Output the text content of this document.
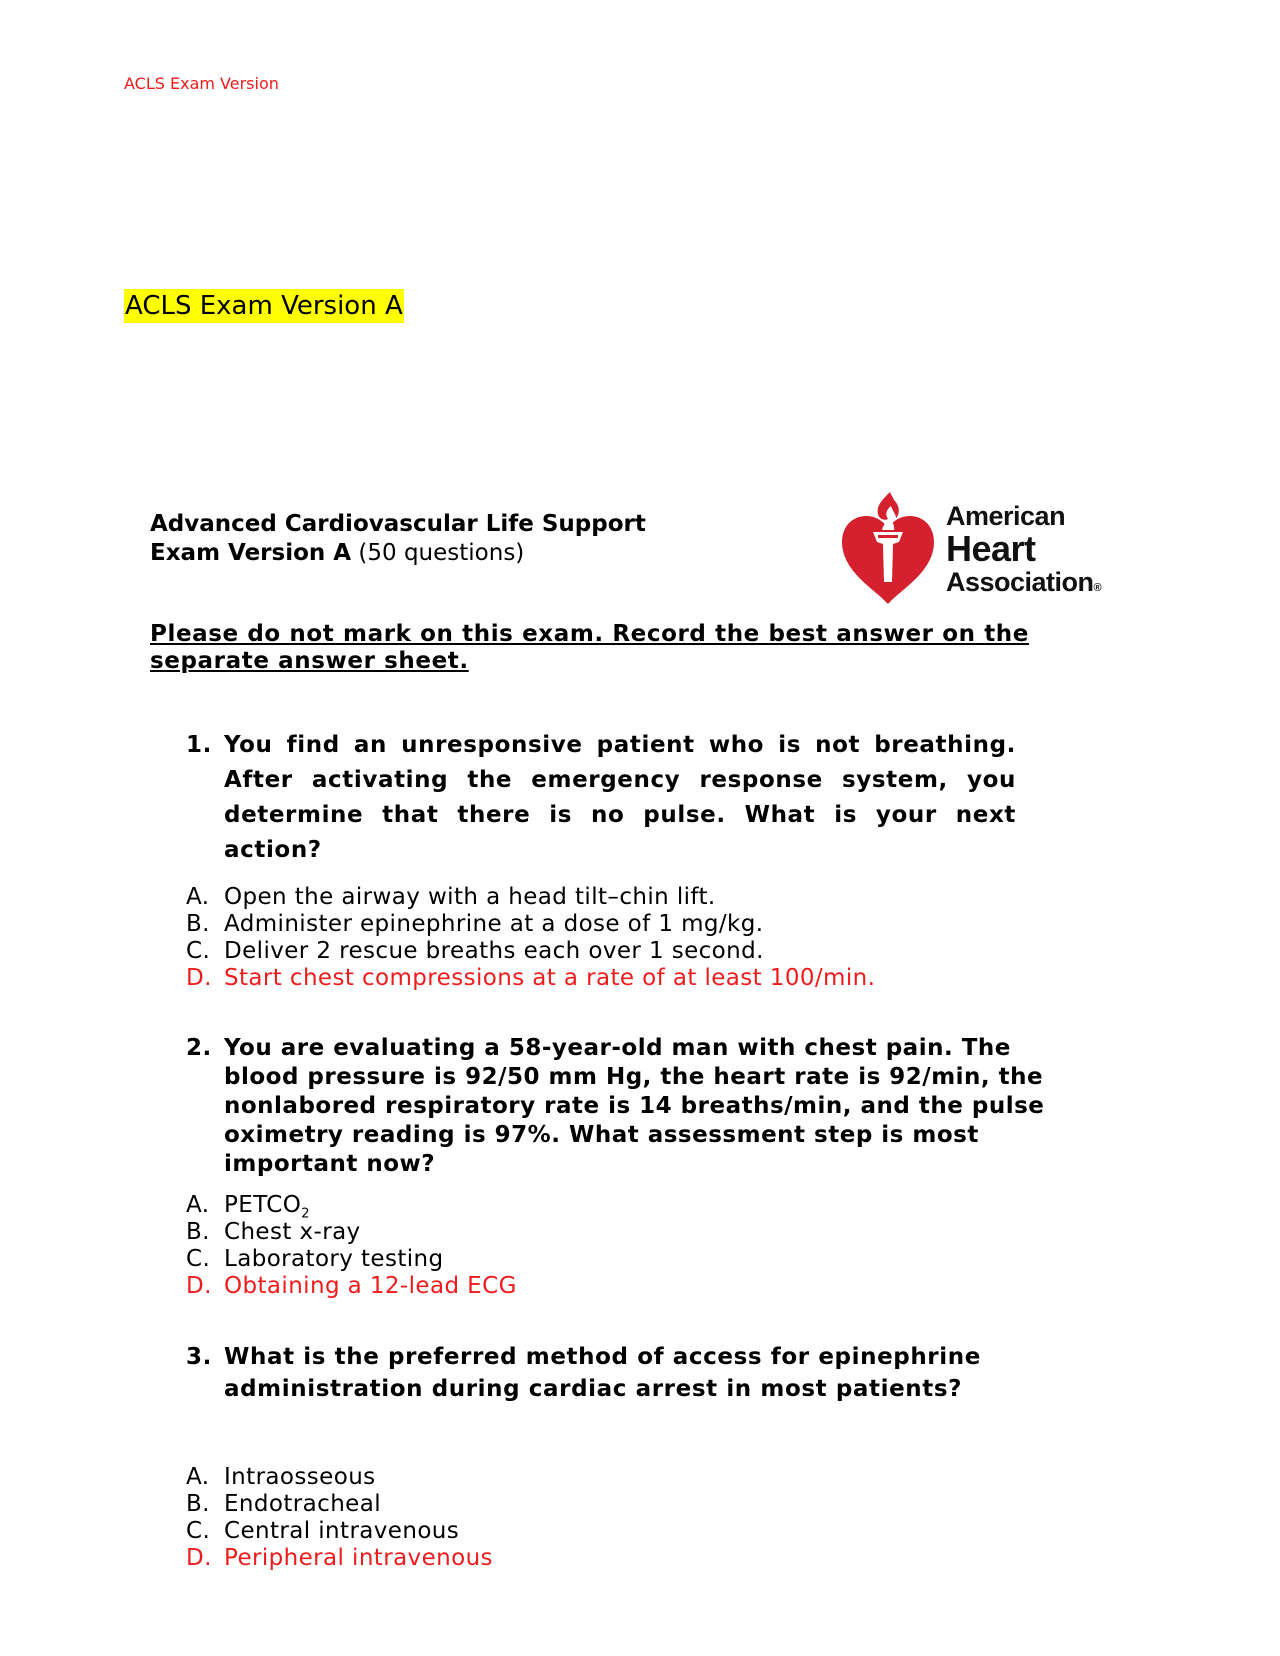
ACLS Exam Version
ACLS Exam Version A
Advanced Cardiovascular Life Support Exam Version A (50 questions)
American
Heart
Association®
Please do not mark on this exam. Record the best answer on the separate answer sheet.
1. You find an unresponsive patient who is not breathing. After activating the emergency response system, you determine that there is no pulse. What is your next action?
A. Open the airway with a head tilt–chin lift.
B. Administer epinephrine at a dose of 1 mg/kg.
C. Deliver 2 rescue breaths each over 1 second.
D. Start chest compressions at a rate of at least 100/min.
2. You are evaluating a 58-year-old man with chest pain. The blood pressure is 92/50 mm Hg, the heart rate is 92/min, the nonlabored respiratory rate is 14 breaths/min, and the pulse oximetry reading is 97%. What assessment step is most important now?
A. $PETCO_2$
B. Chest x-ray
C. Laboratory testing
D. Obtaining a 12-lead ECG
3. What is the preferred method of access for epinephrine administration during cardiac arrest in most patients?
A. Intraosseous
B. Endotracheal
C. Central intravenous
D. Peripheral intravenous
